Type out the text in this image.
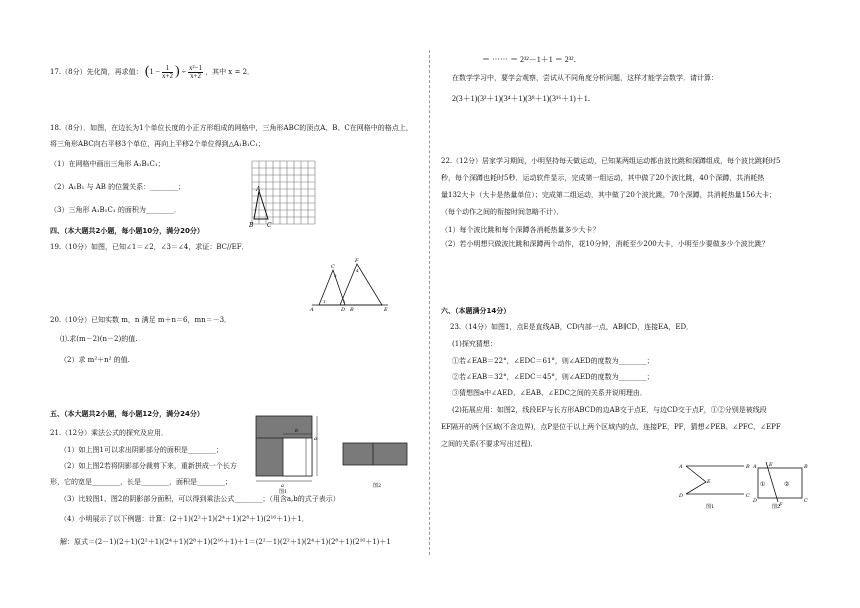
17.（8分）先化简，再求值： ($1 - \frac{1}{x+2}$ ) ÷ $\frac{\text{x²−1}}{x+2}$ ，其中 x = 2．
18.（8分）．如图，在边长为1个单位长度的小正方形组成的网格中，三角形ABC的顶点A、B、C在网格中的格点上，
将三角形ABC向右平移3个单位，再向上平移2个单位得到△A₁B₁C₁；
（1）在网格中画出三角形 A₁B₁C₁；
（2）A₁B₁ 与 AB 的位置关系：________；
（3）三角形 A₁B₁C₁ 的面积为________．
A
B C
四、（本大题共2小题，每小题10分，满分20分）
19.（10分）如图，已知∠1＝∠2，∠3＝∠4，求证：BC//EF．
A
C
D B
F
E
1	2
3
4
20.（10分）已知实数 m，n 满足 m＋n＝6，mn＝－3．
⑴.求(m－2)(n－2)的值.
（2）求 m²＋n² 的值.
五、（本大题共2小题，每小题12分，满分24分）
21.（12分）乘法公式的探究及应用．
（1）如上图1可以求出阴影部分的面积是________；
（2）如上图2若将阴影部分裁剪下来，重新拼成一个长方
形，它的宽是________，长是________，面积是________；
（3）比较图1、图2的阴影部分面积，可以得到乘法公式________；（用含a,b的式子表示）
（4）小明展示了以下例题：计算：(2＋1)(2²＋1)(2⁴＋1)(2⁸＋1)(2¹⁶＋1)＋1．
解：原式＝(2－1)(2＋1)(2²＋1)(2⁴＋1)(2⁸＋1)(2¹⁶＋1)＋1＝(2²－1)(2²＋1)(2⁴＋1)(2⁸＋1)(2¹⁶＋1)＋1
a
b
a
图1
图2
＝ ······ ＝ 2³²－1＋1 ＝ 2³²．
在数学学习中，要学会观察，尝试从不同角度分析问题，这样才能学会数学．请计算：
2(3＋1)(3²＋1)(3⁴＋1)(3⁸＋1)(3¹⁶＋1)＋1．
22.（12分）居家学习期间，小明坚持每天做运动，已知某两组运动都由波比跳和深蹲组成，每个波比跳耗时5
秒，每个深蹲也耗时5秒．运动软件显示，完成第一组运动，其中做了20个波比跳，40个深蹲，共消耗热
量132大卡（大卡是热量单位）；完成第二组运动，其中做了20个波比跳，70个深蹲，共消耗热量156大卡；
（每个动作之间的衔接时间忽略不计）．
（1）每个波比跳和每个深蹲各消耗热量多少大卡？
（2）若小明想只做波比跳和深蹲两个动作，花10分钟，消耗至少200大卡，小明至少要做多少个波比跳？
六、（本题满分14分）
23.（14分）如图1，点E是直线AB，CD内部一点，AB∥CD，连接EA，ED．
(1)探究猜想：
①若∠EAB＝22°，∠EDC＝61°，则∠AED的度数为________；
②若∠EAB＝32°，∠EDC＝45°，则∠AED的度数为________；
③猜想图a中∠AED、∠EAB、∠EDC之间的关系并说明理由．
(2)拓展应用：如图2，线段EF与长方形ABCD的边AB交于点E，与边CD交于点F，①②分别是被线段
EF隔开的两个区域(不含边界)，点P是位于以上两个区域内的点，连接PE，PF，猜想∠PEB、∠PFC、∠EPF
之间的关系(不要求写出过程)．
A	B
E
D	C
图1
A	B
E
D	C
F
①	②
图2
